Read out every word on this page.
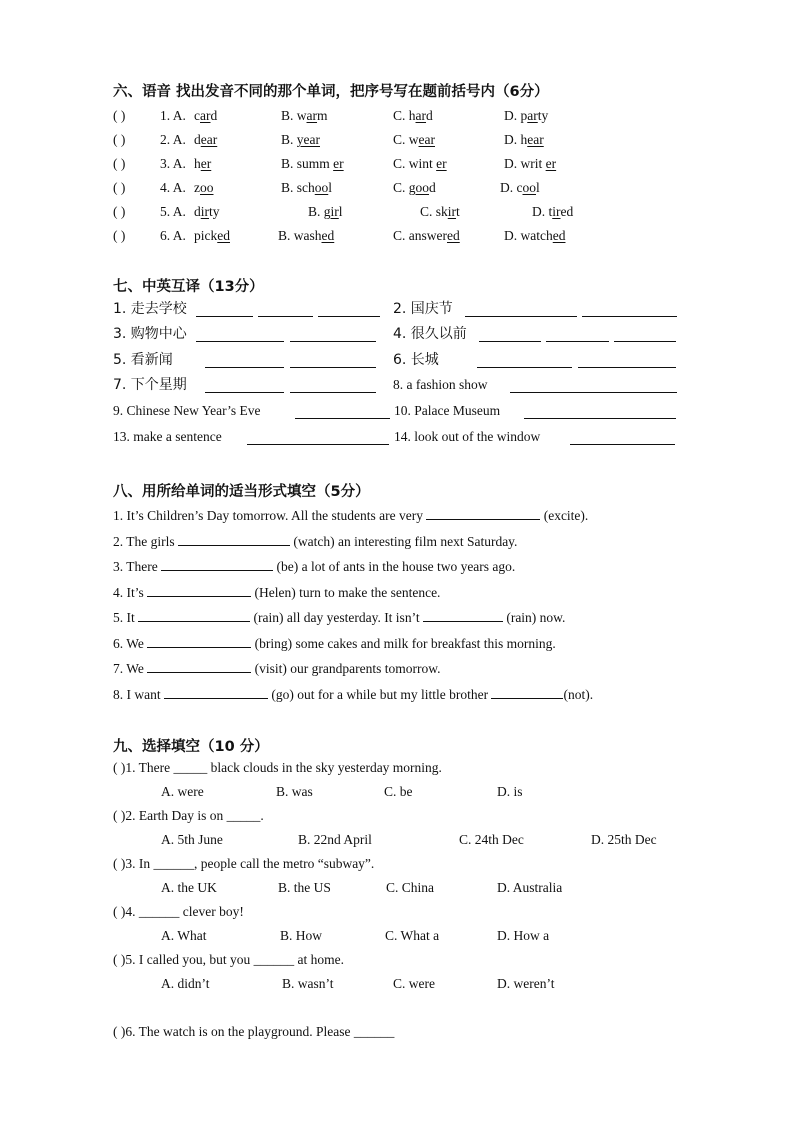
六、语音 找出发音不同的那个单词，把序号写在题前括号内（6分）
( )	1. A. card	B. warm	C. hard	D. party
( )	2. A. dear	B. year	C. wear	D. hear
( )	3. A. her	B. summ er	C. wint er	D. writ er
( )	4. A. zoo	B. school	C. good	D. cool
( )	5. A. dirty	B. girl	C. skirt	D. tired
( )	6. A. picked	B. washed	C. answered	D. watched
七、中英互译（13分）
1. 走去学校	2. 国庆节
3. 购物中心	4. 很久以前
5. 看新闻	6. 长城
7. 下个星期	8. a fashion show
9. Chinese New Year’s Eve	10. Palace Museum
13. make a sentence	14. look out of the window
八、用所给单词的适当形式填空（5分）
1. It’s Children’s Day tomorrow. All the students are very	(excite).
2. The girls	(watch) an interesting film next Saturday.
3. There	(be) a lot of ants in the house two years ago.
4. It’s	(Helen) turn to make the sentence.
5. It	(rain) all day yesterday. It isn’t	(rain) now.
6. We	(bring) some cakes and milk for breakfast this morning.
7. We	(visit) our grandparents tomorrow.
8. I want	(go) out for a while but my little brother	(not).
九、选择填空（10 分）
( )1. There _____ black clouds in the sky yesterday morning.
A. were	B. was	C. be	D. is
( )2. Earth Day is on _____.
A. 5th June	B. 22nd April	C. 24th Dec	D. 25th Dec
( )3. In ______, people call the metro “subway”.
A. the UK	B. the US	C. China	D. Australia
( )4. ______ clever boy!
A. What	B. How	C. What a	D. How a
( )5. I called you, but you ______ at home.
A. didn’t	B. wasn’t	C. were	D. weren’t
( )6. The watch is on the playground. Please ______
